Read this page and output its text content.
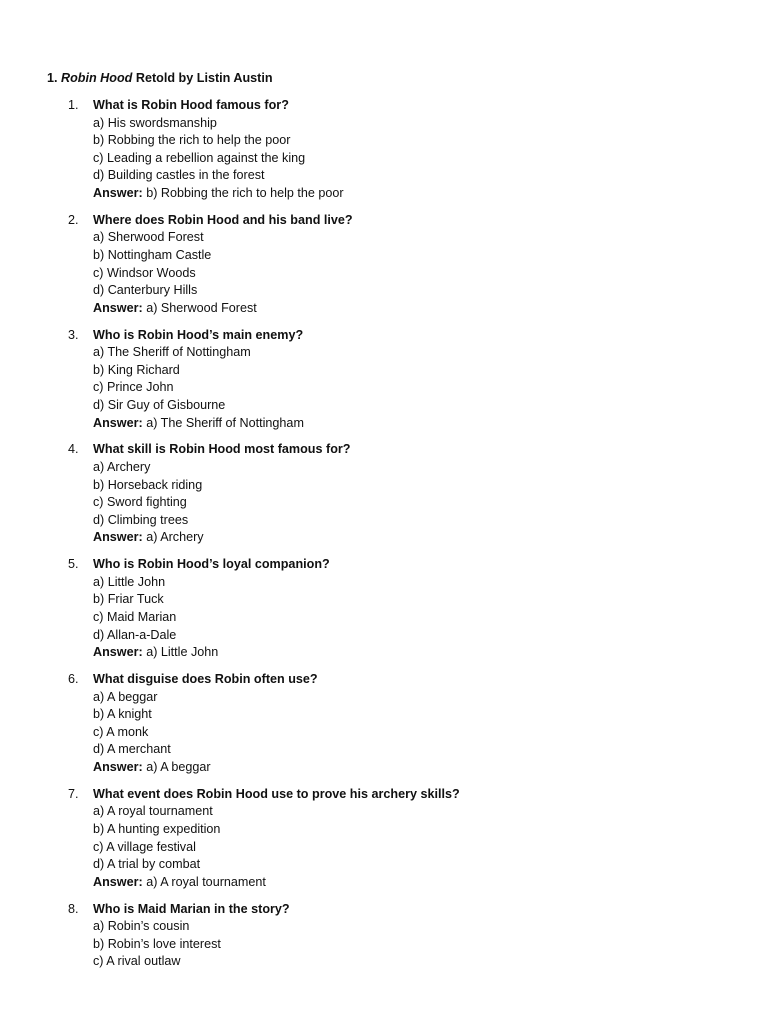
1. Robin Hood Retold by Listin Austin

1. What is Robin Hood famous for?
a) His swordsmanship
b) Robbing the rich to help the poor
c) Leading a rebellion against the king
d) Building castles in the forest
Answer: b) Robbing the rich to help the poor
2. Where does Robin Hood and his band live?
a) Sherwood Forest
b) Nottingham Castle
c) Windsor Woods
d) Canterbury Hills
Answer: a) Sherwood Forest
3. Who is Robin Hood’s main enemy?
a) The Sheriff of Nottingham
b) King Richard
c) Prince John
d) Sir Guy of Gisbourne
Answer: a) The Sheriff of Nottingham
4. What skill is Robin Hood most famous for?
a) Archery
b) Horseback riding
c) Sword fighting
d) Climbing trees
Answer: a) Archery
5. Who is Robin Hood’s loyal companion?
a) Little John
b) Friar Tuck
c) Maid Marian
d) Allan-a-Dale
Answer: a) Little John
6. What disguise does Robin often use?
a) A beggar
b) A knight
c) A monk
d) A merchant
Answer: a) A beggar
7. What event does Robin Hood use to prove his archery skills?
a) A royal tournament
b) A hunting expedition
c) A village festival
d) A trial by combat
Answer: a) A royal tournament
8. Who is Maid Marian in the story?
a) Robin’s cousin
b) Robin’s love interest
c) A rival outlaw
